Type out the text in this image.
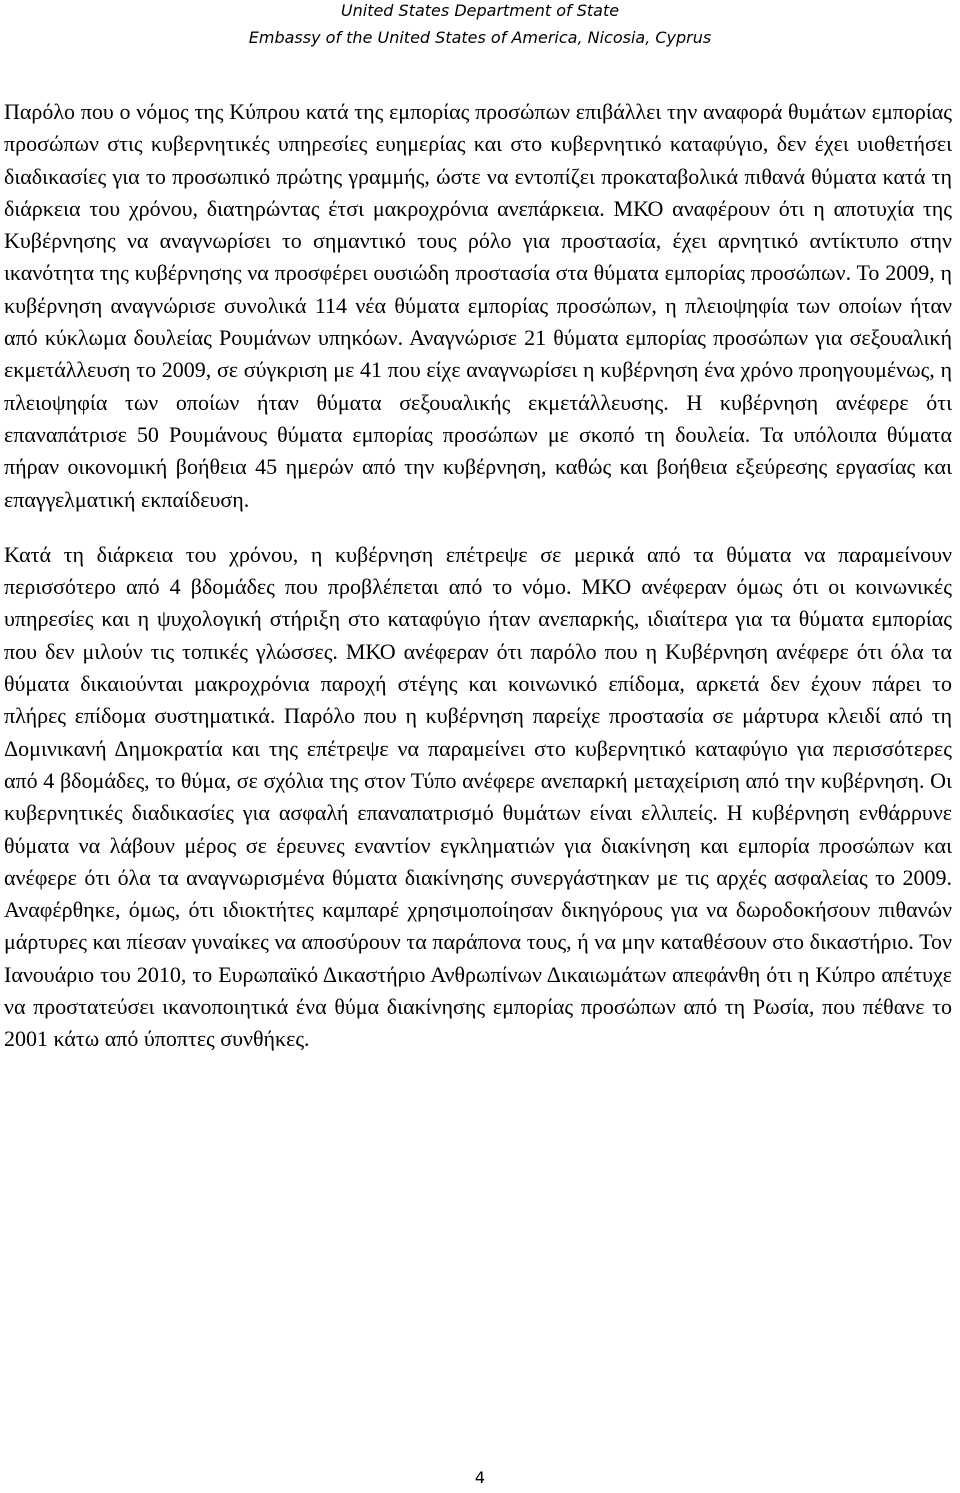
United States Department of State
Embassy of the United States of America, Nicosia, Cyprus

Παρόλο που ο νόμος της Κύπρου κατά της εμπορίας προσώπων επιβάλλει την αναφορά θυμάτων εμπορίας προσώπων στις κυβερνητικές υπηρεσίες ευημερίας και στο κυβερνητικό καταφύγιο, δεν έχει υιοθετήσει διαδικασίες για το προσωπικό πρώτης γραμμής, ώστε να εντοπίζει προκαταβολικά πιθανά θύματα κατά τη διάρκεια του χρόνου, διατηρώντας έτσι μακροχρόνια ανεπάρκεια. ΜΚΟ αναφέρουν ότι η αποτυχία της Κυβέρνησης να αναγνωρίσει το σημαντικό τους ρόλο για προστασία, έχει αρνητικό αντίκτυπο στην ικανότητα της κυβέρνησης να προσφέρει ουσιώδη προστασία στα θύματα εμπορίας προσώπων. Το 2009, η κυβέρνηση αναγνώρισε συνολικά 114 νέα θύματα εμπορίας προσώπων, η πλειοψηφία των οποίων ήταν από κύκλωμα δουλείας Ρουμάνων υπηκόων. Αναγνώρισε 21 θύματα εμπορίας προσώπων για σεξουαλική εκμετάλλευση το 2009, σε σύγκριση με 41 που είχε αναγνωρίσει η κυβέρνηση ένα χρόνο προηγουμένως, η πλειοψηφία των οποίων ήταν θύματα σεξουαλικής εκμετάλλευσης. Η κυβέρνηση ανέφερε ότι επαναπάτρισε 50 Ρουμάνους θύματα εμπορίας προσώπων με σκοπό τη δουλεία. Τα υπόλοιπα θύματα πήραν οικονομική βοήθεια 45 ημερών από την κυβέρνηση, καθώς και βοήθεια εξεύρεσης εργασίας και επαγγελματική εκπαίδευση.

Κατά τη διάρκεια του χρόνου, η κυβέρνηση επέτρεψε σε μερικά από τα θύματα να παραμείνουν περισσότερο από 4 βδομάδες που προβλέπεται από το νόμο. ΜΚΟ ανέφεραν όμως ότι οι κοινωνικές υπηρεσίες και η ψυχολογική στήριξη στο καταφύγιο ήταν ανεπαρκής, ιδιαίτερα για τα θύματα εμπορίας που δεν μιλούν τις τοπικές γλώσσες. ΜΚΟ ανέφεραν ότι παρόλο που η Κυβέρνηση ανέφερε ότι όλα τα θύματα δικαιούνται μακροχρόνια παροχή στέγης και κοινωνικό επίδομα, αρκετά δεν έχουν πάρει το πλήρες επίδομα συστηματικά. Παρόλο που η κυβέρνηση παρείχε προστασία σε μάρτυρα κλειδί από τη Δομινικανή Δημοκρατία και της επέτρεψε να παραμείνει στο κυβερνητικό καταφύγιο για περισσότερες από 4 βδομάδες, το θύμα, σε σχόλια της στον Τύπο ανέφερε ανεπαρκή μεταχείριση από την κυβέρνηση. Οι κυβερνητικές διαδικασίες για ασφαλή επαναπατρισμό θυμάτων είναι ελλιπείς. Η κυβέρνηση ενθάρρυνε θύματα να λάβουν μέρος σε έρευνες εναντίον εγκληματιών για διακίνηση και εμπορία προσώπων και ανέφερε ότι όλα τα αναγνωρισμένα θύματα διακίνησης συνεργάστηκαν με τις αρχές ασφαλείας το 2009. Αναφέρθηκε, όμως, ότι ιδιοκτήτες καμπαρέ χρησιμοποίησαν δικηγόρους για να δωροδοκήσουν πιθανών μάρτυρες και πίεσαν γυναίκες να αποσύρουν τα παράπονα τους, ή να μην καταθέσουν στο δικαστήριο. Τον Ιανουάριο του 2010, το Ευρωπαϊκό Δικαστήριο Ανθρωπίνων Δικαιωμάτων απεφάνθη ότι η Κύπρο απέτυχε να προστατεύσει ικανοποιητικά ένα θύμα διακίνησης εμπορίας προσώπων από τη Ρωσία, που πέθανε το 2001 κάτω από ύποπτες συνθήκες.

4
